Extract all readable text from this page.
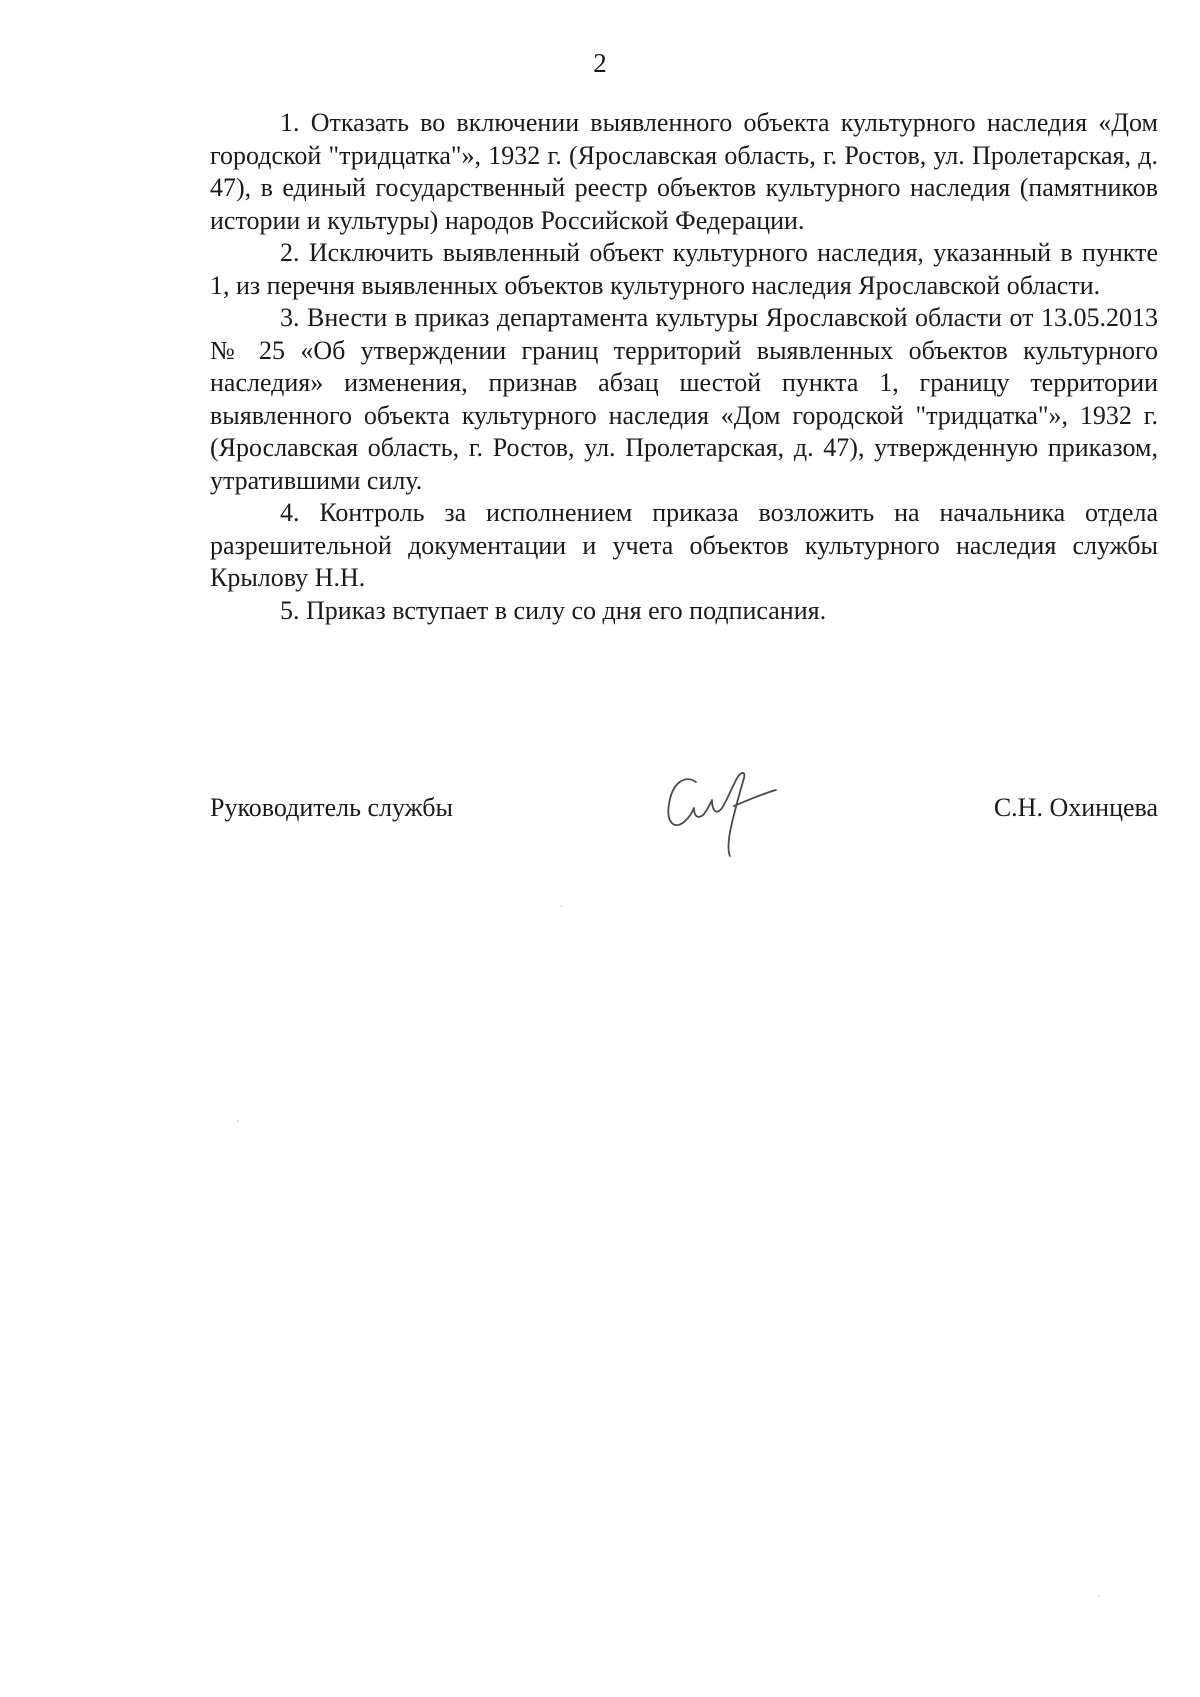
2

1. Отказать во включении выявленного объекта культурного наследия «Дом городской "тридцатка"», 1932 г. (Ярославская область, г. Ростов, ул. Пролетарская, д. 47), в единый государственный реестр объектов культурного наследия (памятников истории и культуры) народов Российской Федерации.

2. Исключить выявленный объект культурного наследия, указанный в пункте 1, из перечня выявленных объектов культурного наследия Ярославской области.

3. Внести в приказ департамента культуры Ярославской области от 13.05.2013 № 25 «Об утверждении границ территорий выявленных объектов культурного наследия» изменения, признав абзац шестой пункта 1, границу территории выявленного объекта культурного наследия «Дом городской "тридцатка"», 1932 г. (Ярославская область, г. Ростов, ул. Пролетарская, д. 47), утвержденную приказом, утратившими силу.

4. Контроль за исполнением приказа возложить на начальника отдела разрешительной документации и учета объектов культурного наследия службы Крылову Н.Н.

5. Приказ вступает в силу со дня его подписания.

Руководитель службы	С.Н. Охинцева
